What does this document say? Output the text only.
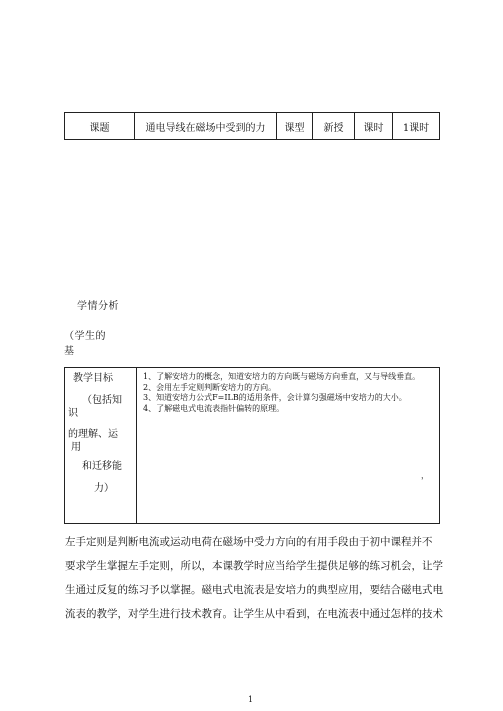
课题	通电导线在磁场中受到的力	课型	新授	课时	1课时
学情分析
（学生的
基
教学目标
（包括知
识
的理解、运
用
和迁移能
力）

1、了解安培力的概念，知道安培力的方向既与磁场方向垂直，又与导线垂直。
2、会用左手定则判断安培力的方向。
3、知道安培力公式F=ILB的适用条件，会计算匀强磁场中安培力的大小。
4、了解磁电式电流表指针偏转的原理。
，
左手定则是判断电流或运动电荷在磁场中受力方向的有用手段由于初中课程并不
要求学生掌握左手定则，所以，本课教学时应当给学生提供足够的练习机会，让学
生通过反复的练习予以掌握。磁电式电流表是安培力的典型应用，要结合磁电式电
流表的教学，对学生进行技术教育。让学生从中看到，在电流表中通过怎样的技术
1
